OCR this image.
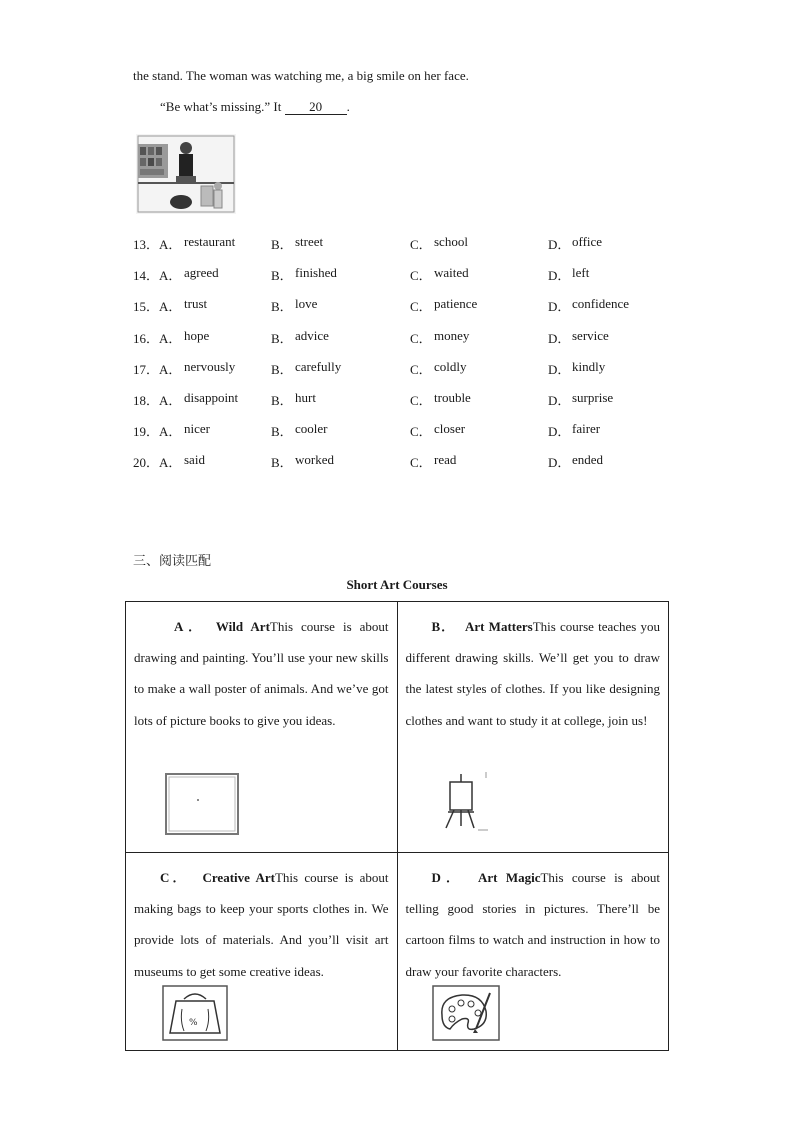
the stand. The woman was watching me, a big smile on her face.
“Be what’s missing.” It 20 .
13． A． restaurant	B． street	C． school	D． office
14． A． agreed	B． finished	C． waited	D． left
15． A． trust	B． love	C． patience	D． confidence
16． A． hope	B． advice	C． money	D． service
17． A． nervously	B． carefully	C． coldly	D． kindly
18． A． disappoint	B． hurt	C． trouble	D． surprise
19． A． nicer	B． cooler	C． closer	D． fairer
20． A． said	B． worked	C． read	D． ended
三、阅读匹配
Short Art Courses
A． Wild ArtThis course is about drawing and painting. You’ll use your new skills to make a wall poster of animals. And we’ve got lots of picture books to give you ideas.	B． Art MattersThis course teaches you different drawing skills. We’ll get you to draw the latest styles of clothes. If you like designing clothes and want to study it at college, join us!

C． Creative ArtThis course is about making bags to keep your sports clothes in. We provide lots of materials. And you’ll visit art museums to get some creative ideas.
%	D． Art MagicThis course is about telling good stories in pictures. There’ll be cartoon films to watch and instruction in how to draw your favorite characters.
